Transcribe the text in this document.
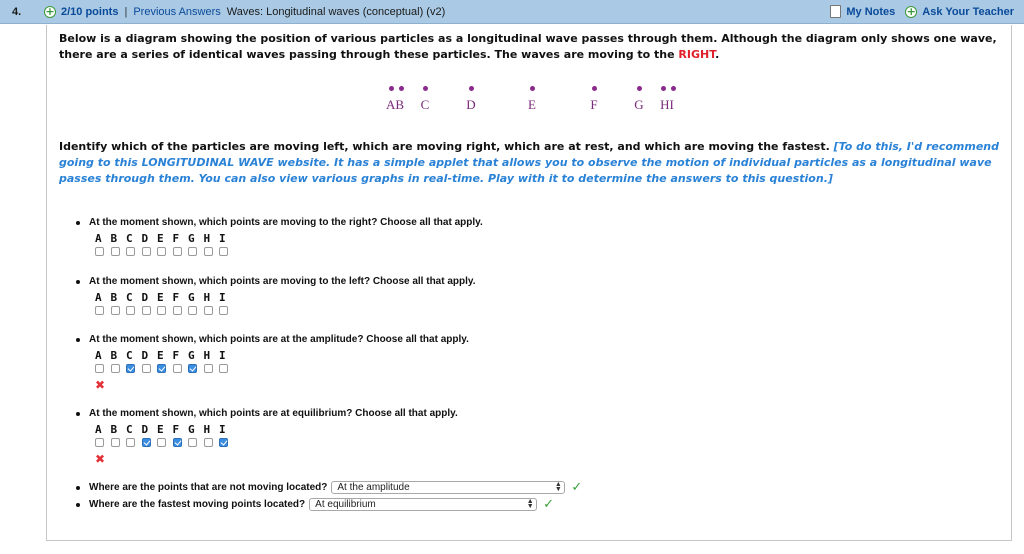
4.	+ 2/10 points | Previous Answers Waves: Longitudinal waves (conceptual) (v2)	My Notes + Ask Your Teacher
Below is a diagram showing the position of various particles as a longitudinal wave passes through them. Although the diagram only shows one wave, there are a series of identical waves passing through these particles. The waves are moving to the RIGHT.
AB C	D	E	F	G HI
Identify which of the particles are moving left, which are moving right, which are at rest, and which are moving the fastest. [To do this, I'd recommend going to this LONGITUDINAL WAVE website. It has a simple applet that allows you to observe the motion of individual particles as a longitudinal wave passes through them. You can also view various graphs in real-time. Play with it to determine the answers to this question.]
At the moment shown, which points are moving to the right? Choose all that apply.
A B C D E F G H I
At the moment shown, which points are moving to the left? Choose all that apply.
A B C D E F G H I
At the moment shown, which points are at the amplitude? Choose all that apply.
A B C D E F G H I
✖
At the moment shown, which points are at equilibrium? Choose all that apply.
A B C D E F G H I
✖
Where are the points that are not moving located?	At the amplitude	▲
▼ ✓
Where are the fastest moving points located?	At equilibrium	▲
▼ ✓
